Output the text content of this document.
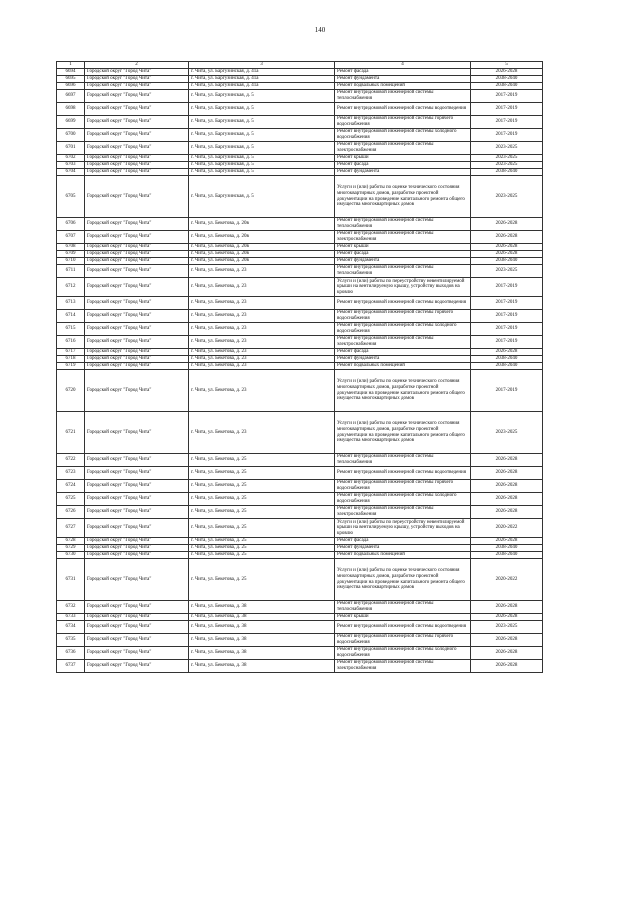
140
1	2	3	4	5
6694	Городской округ "Город Чита"	г. Чита, ул. Баргузинская, д. 41а	Ремонт фасада	2026-2028
6695	Городской округ "Город Чита"	г. Чита, ул. Баргузинская, д. 41а	Ремонт фундамента	2038-2040
6696	Городской округ "Город Чита"	г. Чита, ул. Баргузинская, д. 41а	Ремонт подвальных помещений	2038-2040
6697	Городской округ "Город Чита"	г. Чита, ул. Баргузинская, д. 5	Ремонт внутридомовой инженерной системы теплоснабжения	2017-2019
6698	Городской округ "Город Чита"	г. Чита, ул. Баргузинская, д. 5	Ремонт внутридомовой инженерной системы водоотведения	2017-2019
6699	Городской округ "Город Чита"	г. Чита, ул. Баргузинская, д. 5	Ремонт внутридомовой инженерной системы горячего водоснабжения	2017-2019
6700	Городской округ "Город Чита"	г. Чита, ул. Баргузинская, д. 5	Ремонт внутридомовой инженерной системы холодного водоснабжения	2017-2019
6701	Городской округ "Город Чита"	г. Чита, ул. Баргузинская, д. 5	Ремонт внутридомовой инженерной системы электроснабжения	2023-2025
6702	Городской округ "Город Чита"	г. Чита, ул. Баргузинская, д. 5	Ремонт крыши	2023-2025
6703	Городской округ "Город Чита"	г. Чита, ул. Баргузинская, д. 5	Ремонт фасада	2023-2025
6704	Городской округ "Город Чита"	г. Чита, ул. Баргузинская, д. 5	Ремонт фундамента	2038-2040
6705	Городской округ "Город Чита"	г. Чита, ул. Баргузинская, д. 5	Услуги и (или) работы по оценке технического состояния многоквартирных домов, разработке проектной документации на проведение капитального ремонта общего имущества многоквартирных домов	2023-2025
6706	Городской округ "Город Чита"	г. Чита, ул. Бекетова, д. 20в	Ремонт внутридомовой инженерной системы теплоснабжения	2026-2028
6707	Городской округ "Город Чита"	г. Чита, ул. Бекетова, д. 20в	Ремонт внутридомовой инженерной системы электроснабжения	2026-2028
6708	Городской округ "Город Чита"	г. Чита, ул. Бекетова, д. 20в	Ремонт крыши	2026-2028
6709	Городской округ "Город Чита"	г. Чита, ул. Бекетова, д. 20в	Ремонт фасада	2026-2028
6710	Городской округ "Город Чита"	г. Чита, ул. Бекетова, д. 20в	Ремонт фундамента	2038-2040
6711	Городской округ "Город Чита"	г. Чита, ул. Бекетова, д. 23	Ремонт внутридомовой инженерной системы теплоснабжения	2023-2025
6712	Городской округ "Город Чита"	г. Чита, ул. Бекетова, д. 23	Услуги и (или) работы по переустройству невентилируемой крыши на вентилируемую крышу, устройству выходов на кровлю	2017-2019
6713	Городской округ "Город Чита"	г. Чита, ул. Бекетова, д. 23	Ремонт внутридомовой инженерной системы водоотведения	2017-2019
6714	Городской округ "Город Чита"	г. Чита, ул. Бекетова, д. 23	Ремонт внутридомовой инженерной системы горячего водоснабжения	2017-2019
6715	Городской округ "Город Чита"	г. Чита, ул. Бекетова, д. 23	Ремонт внутридомовой инженерной системы холодного водоснабжения	2017-2019
6716	Городской округ "Город Чита"	г. Чита, ул. Бекетова, д. 23	Ремонт внутридомовой инженерной системы электроснабжения	2017-2019
6717	Городской округ "Город Чита"	г. Чита, ул. Бекетова, д. 23	Ремонт фасада	2026-2028
6718	Городской округ "Город Чита"	г. Чита, ул. Бекетова, д. 23	Ремонт фундамента	2038-2040
6719	Городской округ "Город Чита"	г. Чита, ул. Бекетова, д. 23	Ремонт подвальных помещений	2038-2040
6720	Городской округ "Город Чита"	г. Чита, ул. Бекетова, д. 23	Услуги и (или) работы по оценке технического состояния многоквартирных домов, разработке проектной документации на проведение капитального ремонта общего имущества многоквартирных домов	2017-2019
6721	Городской округ "Город Чита"	г. Чита, ул. Бекетова, д. 23	Услуги и (или) работы по оценке технического состояния многоквартирных домов, разработке проектной документации на проведение капитального ремонта общего имущества многоквартирных домов	2023-2025
6722	Городской округ "Город Чита"	г. Чита, ул. Бекетова, д. 25	Ремонт внутридомовой инженерной системы теплоснабжения	2026-2028
6723	Городской округ "Город Чита"	г. Чита, ул. Бекетова, д. 25	Ремонт внутридомовой инженерной системы водоотведения	2026-2028
6724	Городской округ "Город Чита"	г. Чита, ул. Бекетова, д. 25	Ремонт внутридомовой инженерной системы горячего водоснабжения	2026-2028
6725	Городской округ "Город Чита"	г. Чита, ул. Бекетова, д. 25	Ремонт внутридомовой инженерной системы холодного водоснабжения	2026-2028
6726	Городской округ "Город Чита"	г. Чита, ул. Бекетова, д. 25	Ремонт внутридомовой инженерной системы электроснабжения	2026-2028
6727	Городской округ "Город Чита"	г. Чита, ул. Бекетова, д. 25	Услуги и (или) работы по переустройству невентилируемой крыши на вентилируемую крышу, устройству выходов на кровлю	2020-2022
6728	Городской округ "Город Чита"	г. Чита, ул. Бекетова, д. 25	Ремонт фасада	2026-2028
6729	Городской округ "Город Чита"	г. Чита, ул. Бекетова, д. 25	Ремонт фундамента	2038-2040
6730	Городской округ "Город Чита"	г. Чита, ул. Бекетова, д. 25	Ремонт подвальных помещений	2038-2040
6731	Городской округ "Город Чита"	г. Чита, ул. Бекетова, д. 25	Услуги и (или) работы по оценке технического состояния многоквартирных домов, разработке проектной документации на проведение капитального ремонта общего имущества многоквартирных домов	2020-2022
6732	Городской округ "Город Чита"	г. Чита, ул. Бекетова, д. 38	Ремонт внутридомовой инженерной системы теплоснабжения	2026-2028
6733	Городской округ "Город Чита"	г. Чита, ул. Бекетова, д. 38	Ремонт крыши	2026-2028
6734	Городской округ "Город Чита"	г. Чита, ул. Бекетова, д. 38	Ремонт внутридомовой инженерной системы водоотведения	2023-2025
6735	Городской округ "Город Чита"	г. Чита, ул. Бекетова, д. 38	Ремонт внутридомовой инженерной системы горячего водоснабжения	2026-2028
6736	Городской округ "Город Чита"	г. Чита, ул. Бекетова, д. 38	Ремонт внутридомовой инженерной системы холодного водоснабжения	2026-2028
6737	Городской округ "Город Чита"	г. Чита, ул. Бекетова, д. 38	Ремонт внутридомовой инженерной системы электроснабжения	2026-2028
